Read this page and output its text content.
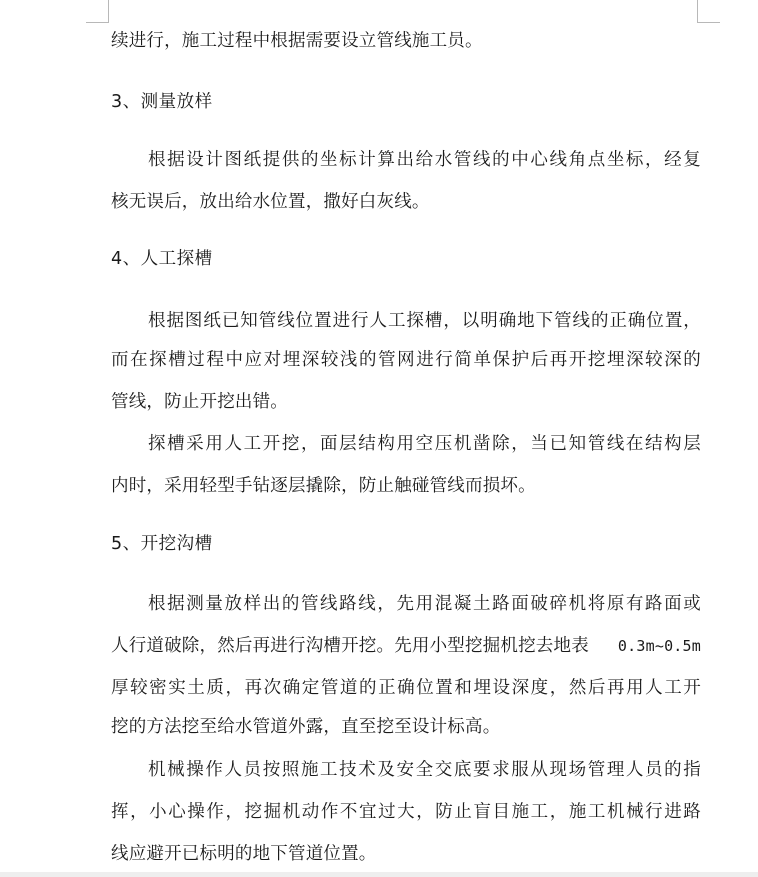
续进行，施工过程中根据需要设立管线施工员。
3、测量放样
根据设计图纸提供的坐标计算出给水管线的中心线角点坐标，经复
核无误后，放出给水位置，撒好白灰线。
4、人工探槽
根据图纸已知管线位置进行人工探槽，以明确地下管线的正确位置，
而在探槽过程中应对埋深较浅的管网进行简单保护后再开挖埋深较深的
管线，防止开挖出错。
探槽采用人工开挖，面层结构用空压机凿除，当已知管线在结构层
内时，采用轻型手钻逐层撬除，防止触碰管线而损坏。
5、开挖沟槽
根据测量放样出的管线路线，先用混凝土路面破碎机将原有路面或
人行道破除，然后再进行沟槽开挖。先用小型挖掘机挖去地表	0.3m~0.5m
厚较密实土质，再次确定管道的正确位置和埋设深度，然后再用人工开
挖的方法挖至给水管道外露，直至挖至设计标高。
机械操作人员按照施工技术及安全交底要求服从现场管理人员的指
挥，小心操作，挖掘机动作不宜过大，防止盲目施工，施工机械行进路
线应避开已标明的地下管道位置。
